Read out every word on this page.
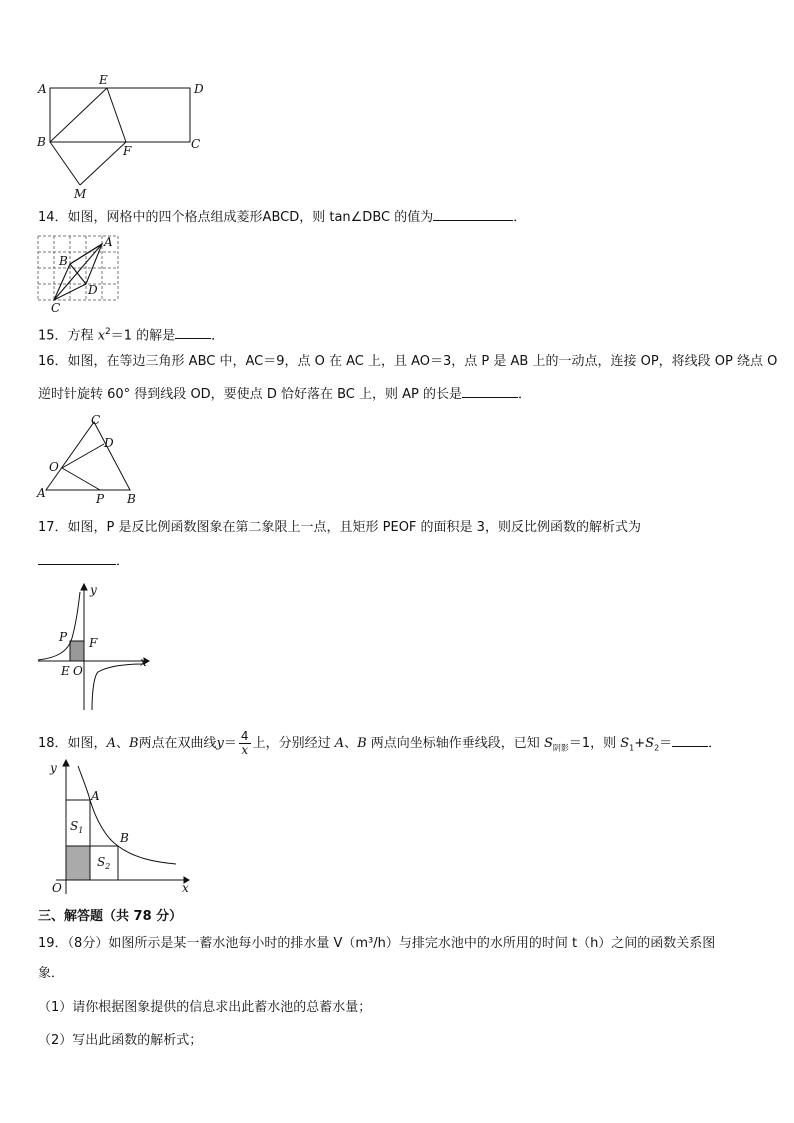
A
E
D
B
F	C
M
14．如图，网格中的四个格点组成菱形ABCD，则 tan∠DBC 的值为	．
A
B
C
D
15．方程 $x^2=1$ 的解是	．
16．如图，在等边三角形 ABC 中，AC＝9，点 O 在 AC 上，且 AO＝3，点 P 是 AB 上的一动点，连接 OP，将线段 OP 绕点 O
逆时针旋转 60° 得到线段 OD，要使点 D 恰好落在 BC 上，则 AP 的长是	．
C
D
O
A	P B
17．如图，P 是反比例函数图象在第二象限上一点，且矩形 PEOF 的面积是 3，则反比例函数的解析式为
．
y
P F
E O
x
18．如图，A、B两点在双曲线$y= \frac{4}{x}$ 上，分别经过 A、B 两点向坐标轴作垂线段，已知 $S_{阴影}=1$，则 $S_1+S_2=$	．
y
A
$S_1$
B
$S_2$
O	x
三、解答题（共 78 分）
19．（8分）如图所示是某一蓄水池每小时的排水量 V（m³/h）与排完水池中的水所用的时间 t（h）之间的函数关系图
象．
（1）请你根据图象提供的信息求出此蓄水池的总蓄水量；
（2）写出此函数的解析式；
